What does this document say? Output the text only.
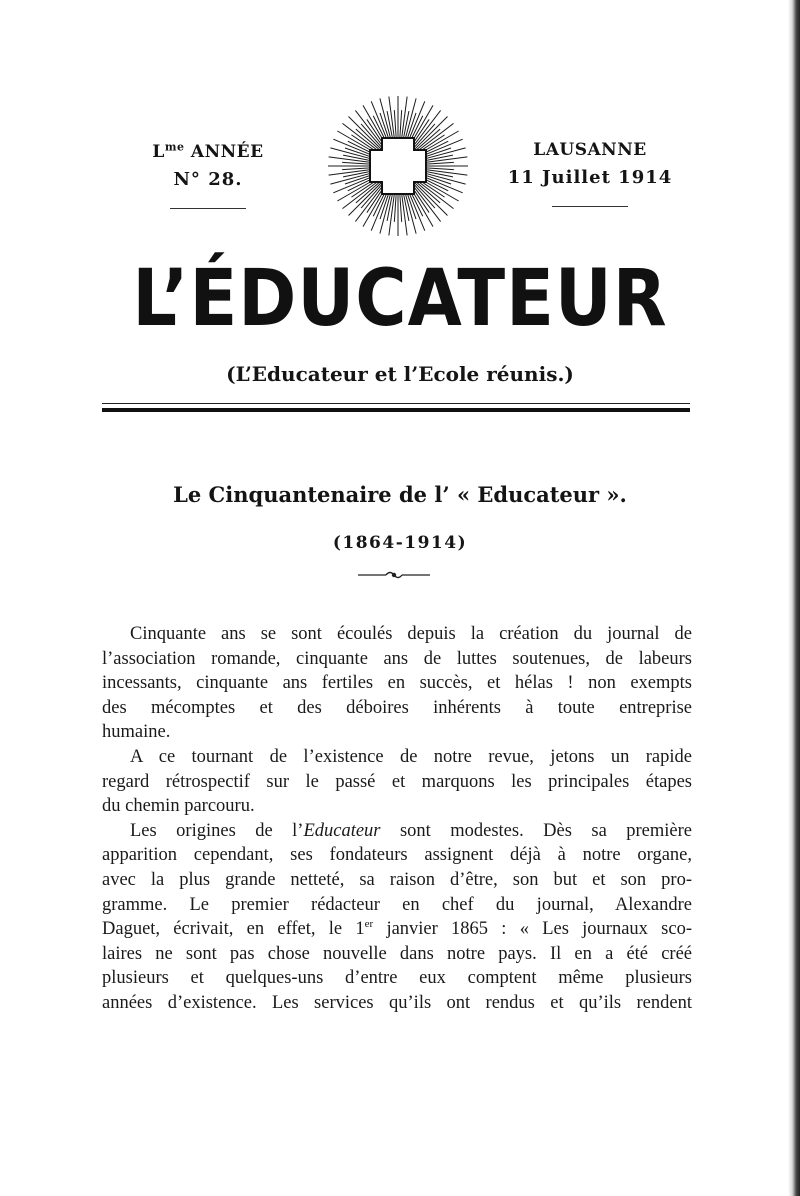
$L^{me}$ ANNÉE
N° 28.
LAUSANNE
11 Juillet 1914
L’ÉDUCATEUR
(L’Educateur et l’Ecole réunis.)
Le Cinquantenaire de l’ « Educateur ».
(1864-1914)

Cinquante ans se sont écoulés depuis la création du journal de
l’association romande, cinquante ans de luttes soutenues, de labeurs
incessants, cinquante ans fertiles en succès, et hélas ! non exempts
des mécomptes et des déboires inhérents à toute entreprise
humaine.

A ce tournant de l’existence de notre revue, jetons un rapide
regard rétrospectif sur le passé et marquons les principales étapes
du chemin parcouru.

Les origines de l’Educateur sont modestes. Dès sa première
apparition cependant, ses fondateurs assignent déjà à notre organe,
avec la plus grande netteté, sa raison d’être, son but et son pro-
gramme. Le premier rédacteur en chef du journal, Alexandre
Daguet, écrivait, en effet, le 1er janvier 1865 : « Les journaux sco-
laires ne sont pas chose nouvelle dans notre pays. Il en a été créé
plusieurs et quelques-uns d’entre eux comptent même plusieurs
années d’existence. Les services qu’ils ont rendus et qu’ils rendent
